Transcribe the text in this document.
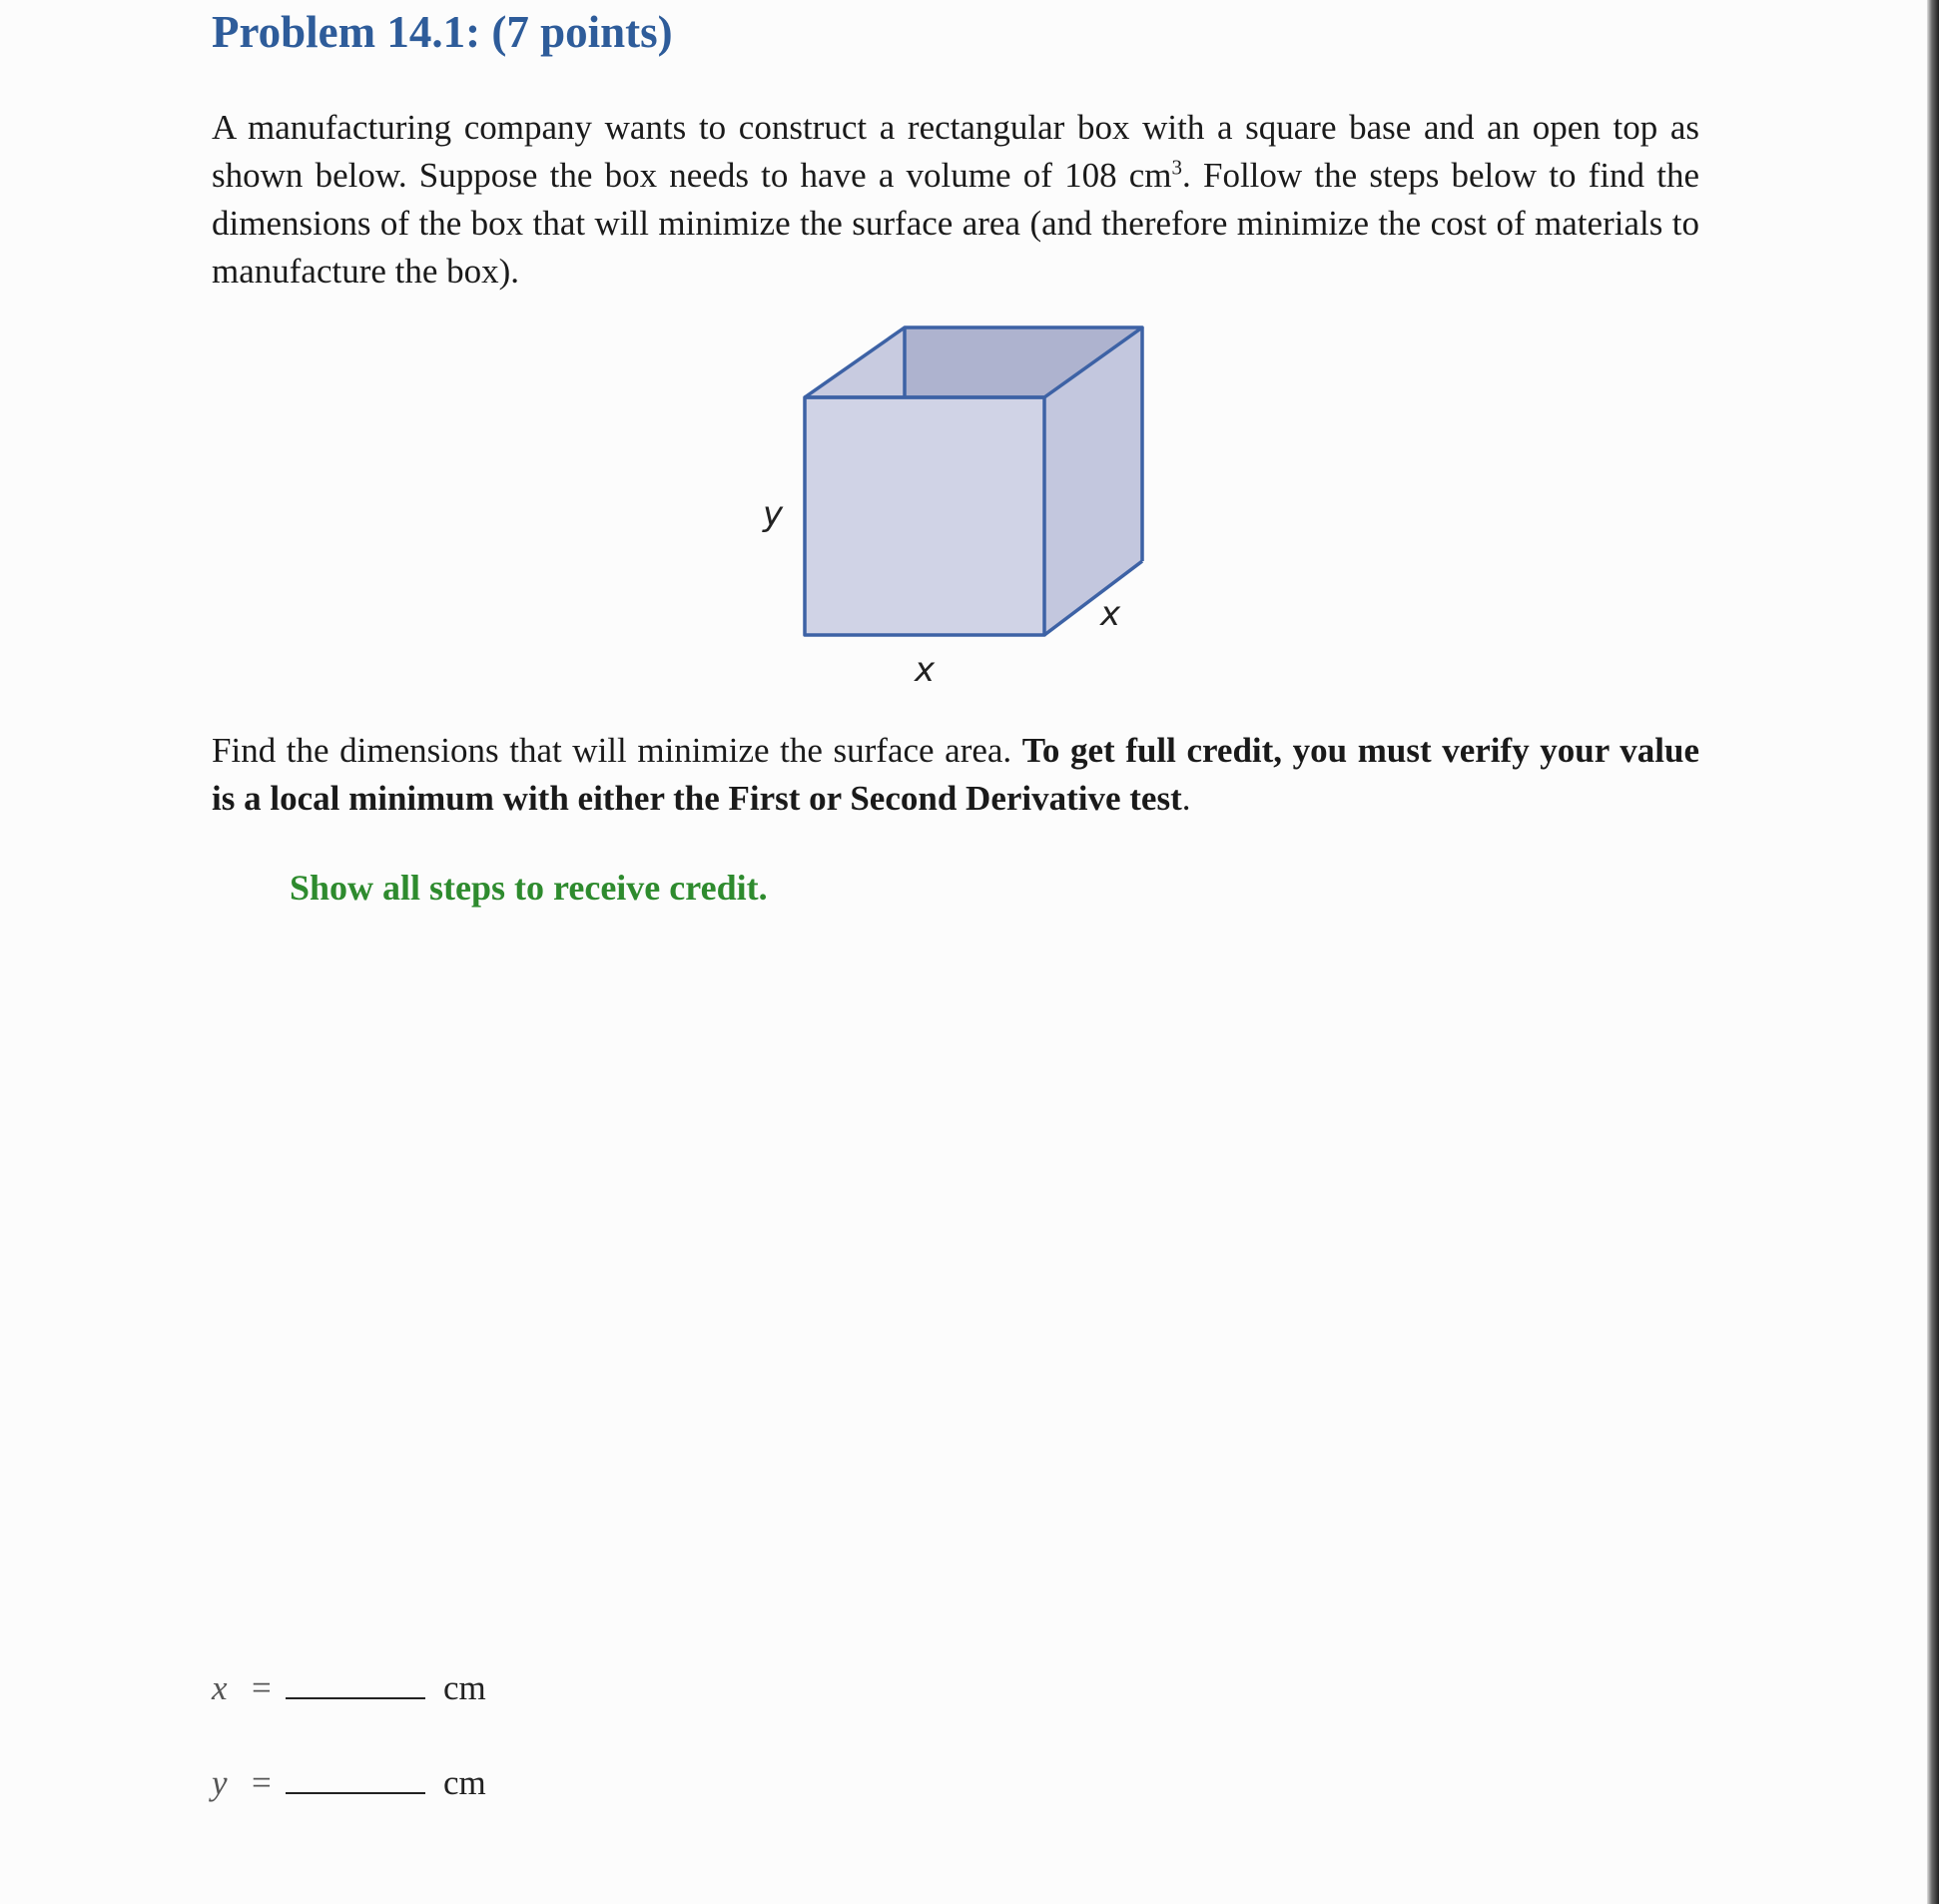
Problem 14.1: (7 points)

A manufacturing company wants to construct a rectangular box with a square base and an open top as shown below. Suppose the box needs to have a volume of 108 $cm^3$. Follow the steps below to find the dimensions of the box that will minimize the surface area (and therefore minimize the cost of materials to manufacture the box).

y
x
x

Find the dimensions that will minimize the surface area. To get full credit, you must verify your value is a local minimum with either the First or Second Derivative test.

Show all steps to receive credit.

x =	cm
y =	cm
